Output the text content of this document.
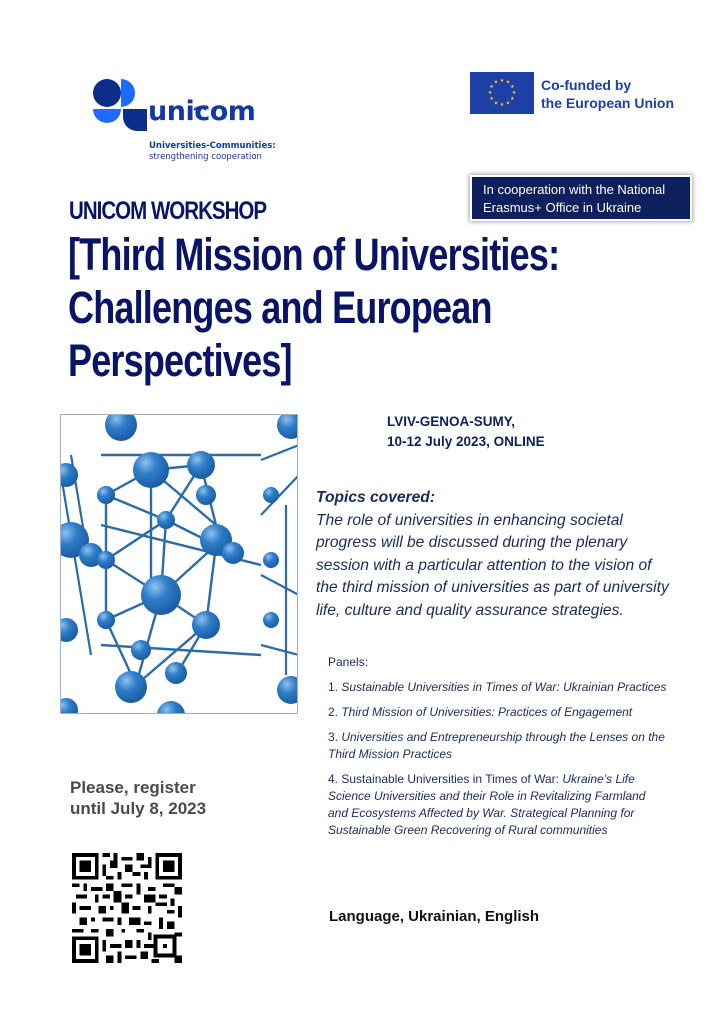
unicom
Universities-Communities:
strengthening cooperation
★ ★
★
★
★
★
★
★
★
★
★
★	Co-funded by
the European Union
In cooperation with the National
Erasmus+ Office in Ukraine
UNICOM WORKSHOP
[Third Mission of Universities:
Challenges and European
Perspectives]
LVIV-GENOA-SUMY,
10-12 July 2023, ONLINE
Topics covered:
The role of universities in enhancing societal progress will be discussed during the plenary session with a particular attention to the vision of the third mission of universities as part of university life, culture and quality assurance strategies.
Panels:
1. Sustainable Universities in Times of War: Ukrainian Practices
2. Third Mission of Universities: Practices of Engagement
3. Universities and Entrepreneurship through the Lenses on the Third Mission Practices
4. Sustainable Universities in Times of War: Ukraine’s Life Science Universities and their Role in Revitalizing Farmland and Ecosystems Affected by War. Strategical Planning for Sustainable Green Recovering of Rural communities
Language, Ukrainian, English
Please, register
until July 8, 2023
